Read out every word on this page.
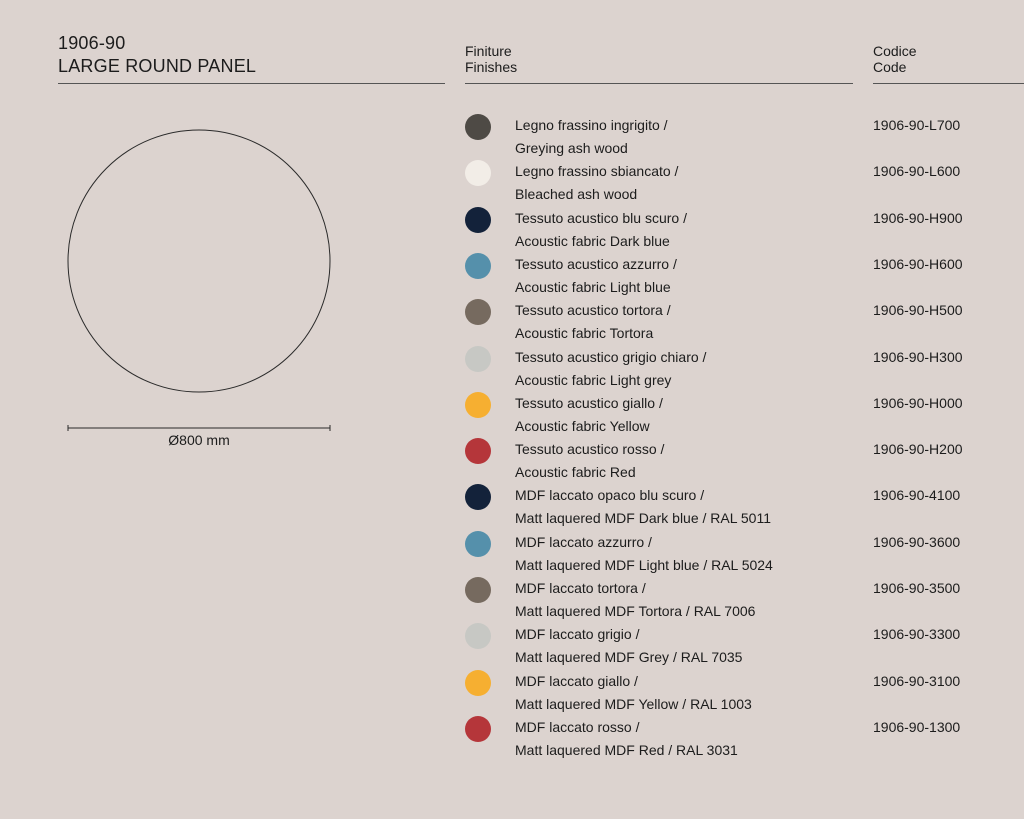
1906-90
LARGE ROUND PANEL
Finiture
Finishes
Codice
Code
Ø800 mm
Legno frassino ingrigito /
Greying ash wood
1906-90-L700
Legno frassino sbiancato /
Bleached ash wood
1906-90-L600
Tessuto acustico blu scuro /
Acoustic fabric Dark blue
1906-90-H900
Tessuto acustico azzurro /
Acoustic fabric Light blue
1906-90-H600
Tessuto acustico tortora /
Acoustic fabric Tortora
1906-90-H500
Tessuto acustico grigio chiaro /
Acoustic fabric Light grey
1906-90-H300
Tessuto acustico giallo /
Acoustic fabric Yellow
1906-90-H000
Tessuto acustico rosso /
Acoustic fabric Red
1906-90-H200
MDF laccato opaco blu scuro /
Matt laquered MDF Dark blue / RAL 5011
1906-90-4100
MDF laccato azzurro /
Matt laquered MDF Light blue / RAL 5024
1906-90-3600
MDF laccato tortora /
Matt laquered MDF Tortora / RAL 7006
1906-90-3500
MDF laccato grigio /
Matt laquered MDF Grey / RAL 7035
1906-90-3300
MDF laccato giallo /
Matt laquered MDF Yellow / RAL 1003
1906-90-3100
MDF laccato rosso /
Matt laquered MDF Red / RAL 3031
1906-90-1300
